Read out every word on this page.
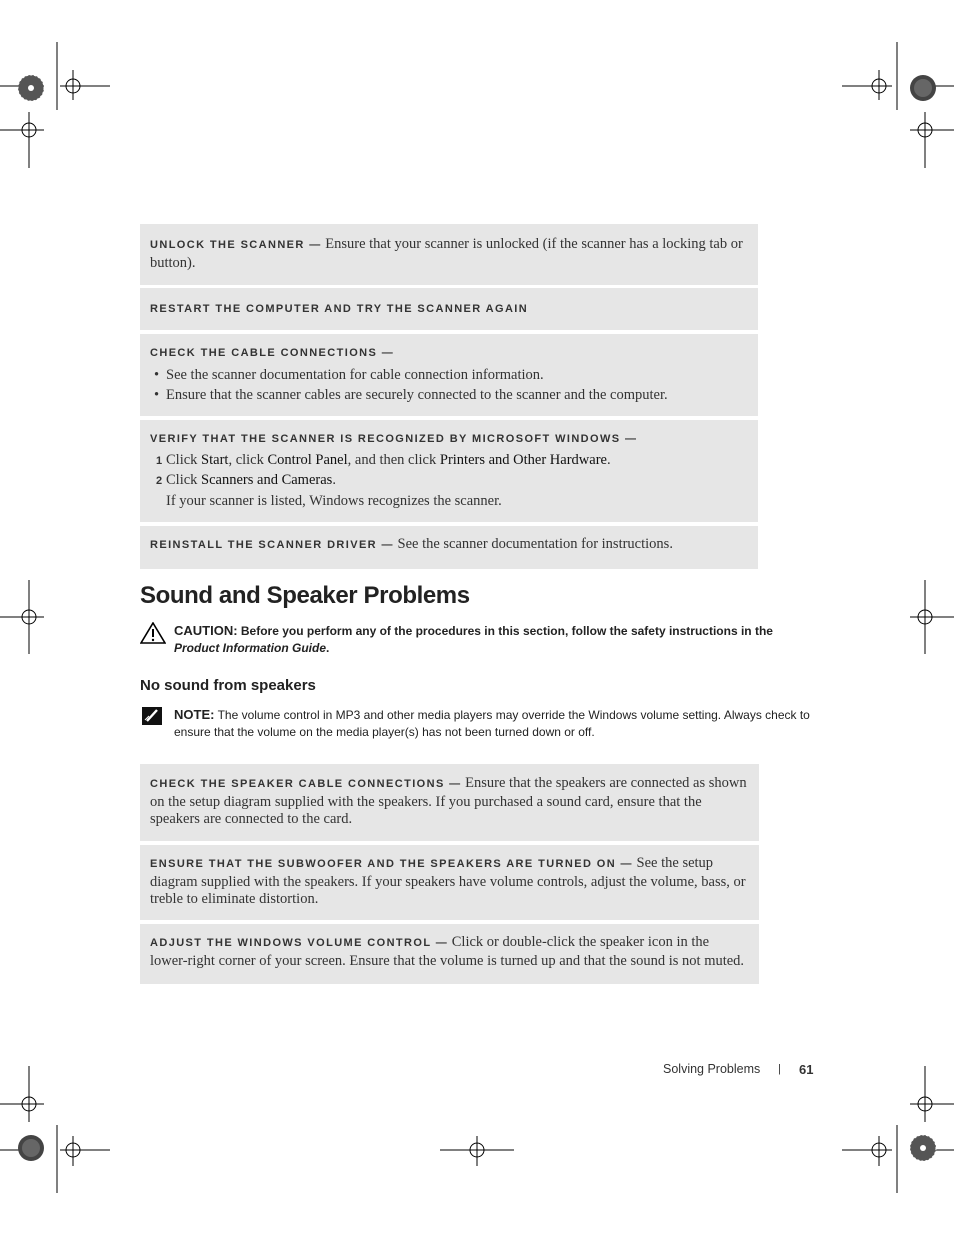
UNLOCK THE SCANNER — Ensure that your scanner is unlocked (if the scanner has a locking tab or button).
RESTART THE COMPUTER AND TRY THE SCANNER AGAIN
CHECK THE CABLE CONNECTIONS —
• See the scanner documentation for cable connection information.
• Ensure that the scanner cables are securely connected to the scanner and the computer.
VERIFY THAT THE SCANNER IS RECOGNIZED BY MICROSOFT WINDOWS —
1 Click Start, click Control Panel, and then click Printers and Other Hardware.
2 Click Scanners and Cameras.
If your scanner is listed, Windows recognizes the scanner.
REINSTALL THE SCANNER DRIVER — See the scanner documentation for instructions.
Sound and Speaker Problems
CAUTION: Before you perform any of the procedures in this section, follow the safety instructions in the Product Information Guide.
No sound from speakers
NOTE: The volume control in MP3 and other media players may override the Windows volume setting. Always check to ensure that the volume on the media player(s) has not been turned down or off.
CHECK THE SPEAKER CABLE CONNECTIONS — Ensure that the speakers are connected as shown on the setup diagram supplied with the speakers. If you purchased a sound card, ensure that the speakers are connected to the card.
ENSURE THAT THE SUBWOOFER AND THE SPEAKERS ARE TURNED ON — See the setup diagram supplied with the speakers. If your speakers have volume controls, adjust the volume, bass, or treble to eliminate distortion.
ADJUST THE WINDOWS VOLUME CONTROL — Click or double-click the speaker icon in the lower-right corner of your screen. Ensure that the volume is turned up and that the sound is not muted.
Solving Problems | 61
